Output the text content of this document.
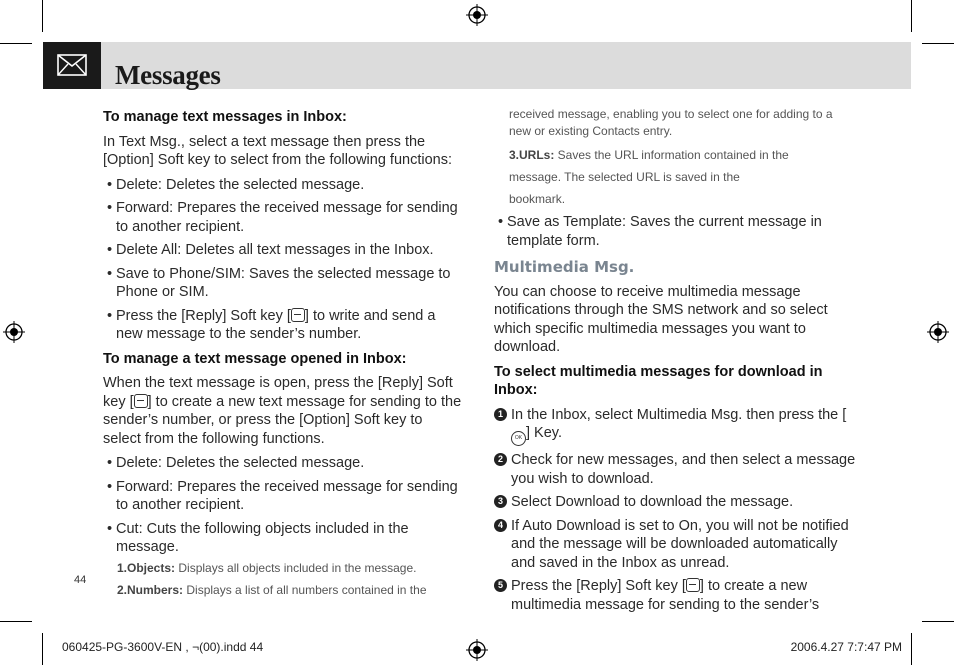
Messages

To manage text messages in Inbox:

In Text Msg., select a text message then press the [Option] Soft key to select from the following functions:

• Delete: Deletes the selected message.

• Forward: Prepares the received message for sending to another recipient.

• Delete All: Deletes all text messages in the Inbox.

• Save to Phone/SIM: Saves the selected message to Phone or SIM.

• Press the [Reply] Soft key [ ] to write and send a new message to the sender’s number.

To manage a text message opened in Inbox:

When the text message is open, press the [Reply] Soft key [ ] to create a new text message for sending to the sender’s number, or press the [Option] Soft key to select from the following functions.

• Delete: Deletes the selected message.

• Forward: Prepares the received message for sending to another recipient.

• Cut: Cuts the following objects included in the message.

1.Objects: Displays all objects included in the message.

2.Numbers: Displays a list of all numbers contained in the

received message, enabling you to select one for adding to a new or existing Contacts entry.

3.URLs: Saves the URL information contained in the message. The selected URL is saved in the bookmark.

• Save as Template: Saves the current message in template form.

Multimedia Msg.

You can choose to receive multimedia message notifications through the SMS network and so select which specific multimedia messages you want to download.

To select multimedia messages for download in Inbox:

1 In the Inbox, select Multimedia Msg. then press the [OK ] Key.

2 Check for new messages, and then select a message you wish to download.

3 Select Download to download the message.

4 If Auto Download is set to On, you will not be notified and the message will be downloaded automatically and saved in the Inbox as unread.

5 Press the [Reply] Soft key [ ] to create a new multimedia message for sending to the sender’s

44
060425-PG-3600V-EN , ¬(00).indd 44	2006.4.27 7:7:47 PM
